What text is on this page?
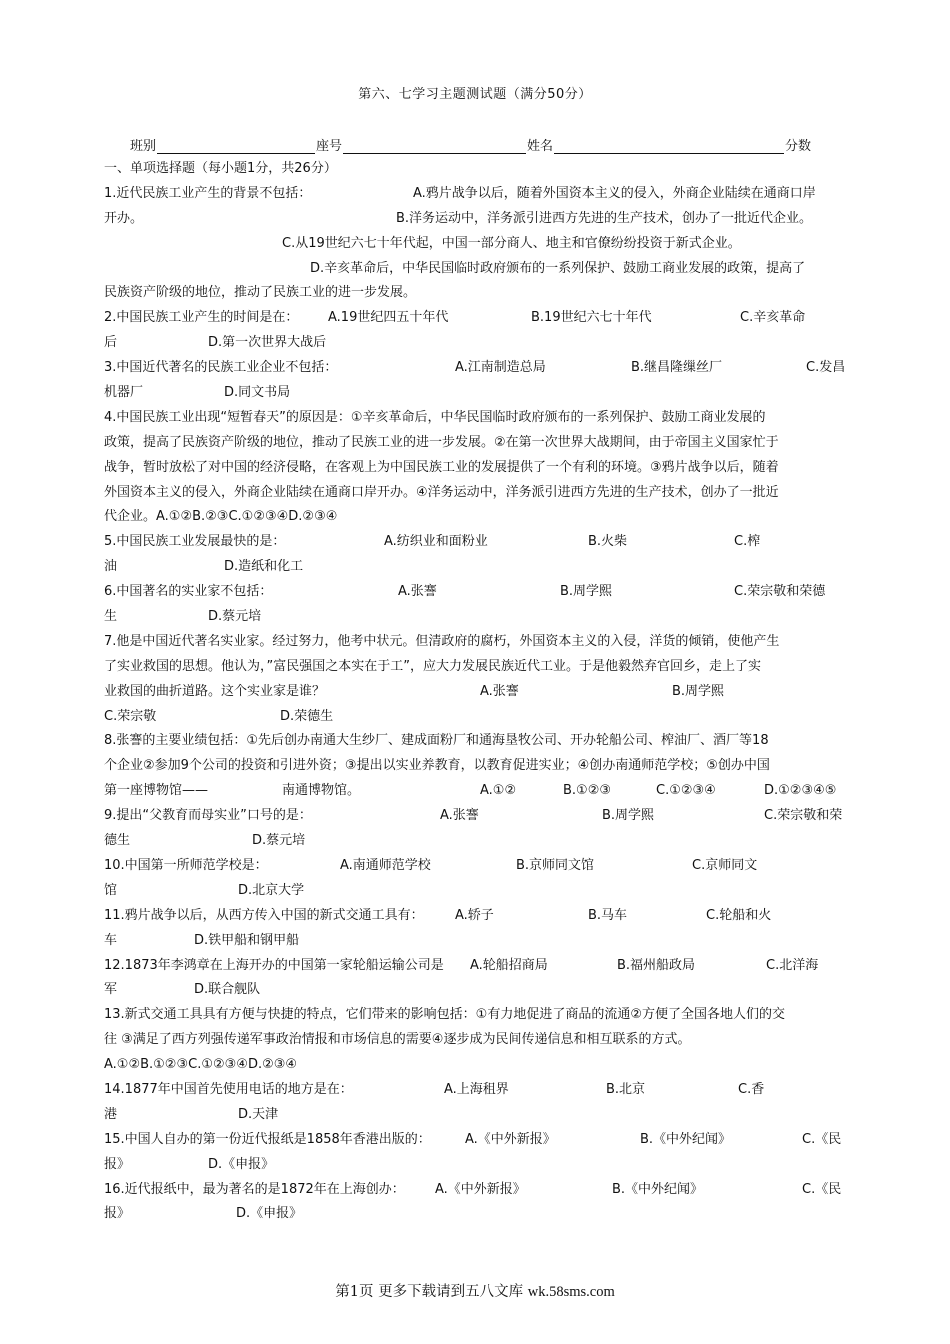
第六、七学习主题测试题（满分50分）
班别	座号	姓名	分数
一、单项选择题（每小题1分，共26分）
1.近代民族工业产生的背景不包括：	A.鸦片战争以后，随着外国资本主义的侵入，外商企业陆续在通商口岸
开办。	B.洋务运动中，洋务派引进西方先进的生产技术，创办了一批近代企业。
C.从19世纪六七十年代起，中国一部分商人、地主和官僚纷纷投资于新式企业。
D.辛亥革命后，中华民国临时政府颁布的一系列保护、鼓励工商业发展的政策，提高了
民族资产阶级的地位，推动了民族工业的进一步发展。
2.中国民族工业产生的时间是在： A.19世纪四五十年代	B.19世纪六七十年代	C.辛亥革命
后	D.第一次世界大战后
3.中国近代著名的民族工业企业不包括：	A.江南制造总局	B.继昌隆缫丝厂	C.发昌
机器厂	D.同文书局
4.中国民族工业出现“短暂春天”的原因是：①辛亥革命后，中华民国临时政府颁布的一系列保护、鼓励工商业发展的
政策，提高了民族资产阶级的地位，推动了民族工业的进一步发展。②在第一次世界大战期间，由于帝国主义国家忙于
战争，暂时放松了对中国的经济侵略，在客观上为中国民族工业的发展提供了一个有利的环境。③鸦片战争以后，随着
外国资本主义的侵入，外商企业陆续在通商口岸开办。④洋务运动中，洋务派引进西方先进的生产技术，创办了一批近
代企业。A.①②B.②③C.①②③④D.②③④
5.中国民族工业发展最快的是：	A.纺织业和面粉业	B.火柴	C.榨
油	D.造纸和化工
6.中国著名的实业家不包括：	A.张謇	B.周学熙	C.荣宗敬和荣德
生	D.蔡元培
7.他是中国近代著名实业家。经过努力，他考中状元。但清政府的腐朽，外国资本主义的入侵，洋货的倾销，使他产生
了实业救国的思想。他认为，”富民强国之本实在于工”，应大力发展民族近代工业。于是他毅然弃官回乡，走上了实
业救国的曲折道路。这个实业家是谁？	A.张謇	B.周学熙
C.荣宗敬	D.荣德生
8.张謇的主要业绩包括：①先后创办南通大生纱厂、建成面粉厂和通海垦牧公司、开办轮船公司、榨油厂、酒厂等18
个企业②参加9个公司的投资和引进外资；③提出以实业养教育，以教育促进实业；④创办南通师范学校；⑤创办中国
第一座博物馆——	南通博物馆。	A.①②	B.①②③	C.①②③④	D.①②③④⑤
9.提出“父教育而母实业”口号的是：	A.张謇	B.周学熙	C.荣宗敬和荣
德生	D.蔡元培
10.中国第一所师范学校是：	A.南通师范学校	B.京师同文馆	C.京师同文
馆	D.北京大学
11.鸦片战争以后，从西方传入中国的新式交通工具有： A.轿子	B.马车	C.轮船和火
车	D.铁甲船和钢甲船
12.1873年李鸿章在上海开办的中国第一家轮船运输公司是 A.轮船招商局	B.福州船政局	C.北洋海
军	D.联合舰队
13.新式交通工具具有方便与快捷的特点，它们带来的影响包括：①有力地促进了商品的流通②方便了全国各地人们的交
往 ③满足了西方列强传递军事政治情报和市场信息的需要④逐步成为民间传递信息和相互联系的方式。
A.①②B.①②③C.①②③④D.②③④
14.1877年中国首先使用电话的地方是在：	A.上海租界	B.北京	C.香
港	D.天津
15.中国人自办的第一份近代报纸是1858年香港出版的：	A.《中外新报》	B.《中外纪闻》	C.《民
报》	D.《申报》
16.近代报纸中，最为著名的是1872年在上海创办： A.《中外新报》	B.《中外纪闻》	C.《民
报》	D.《申报》
第1页 更多下载请到五八文库 wk.58sms.com
